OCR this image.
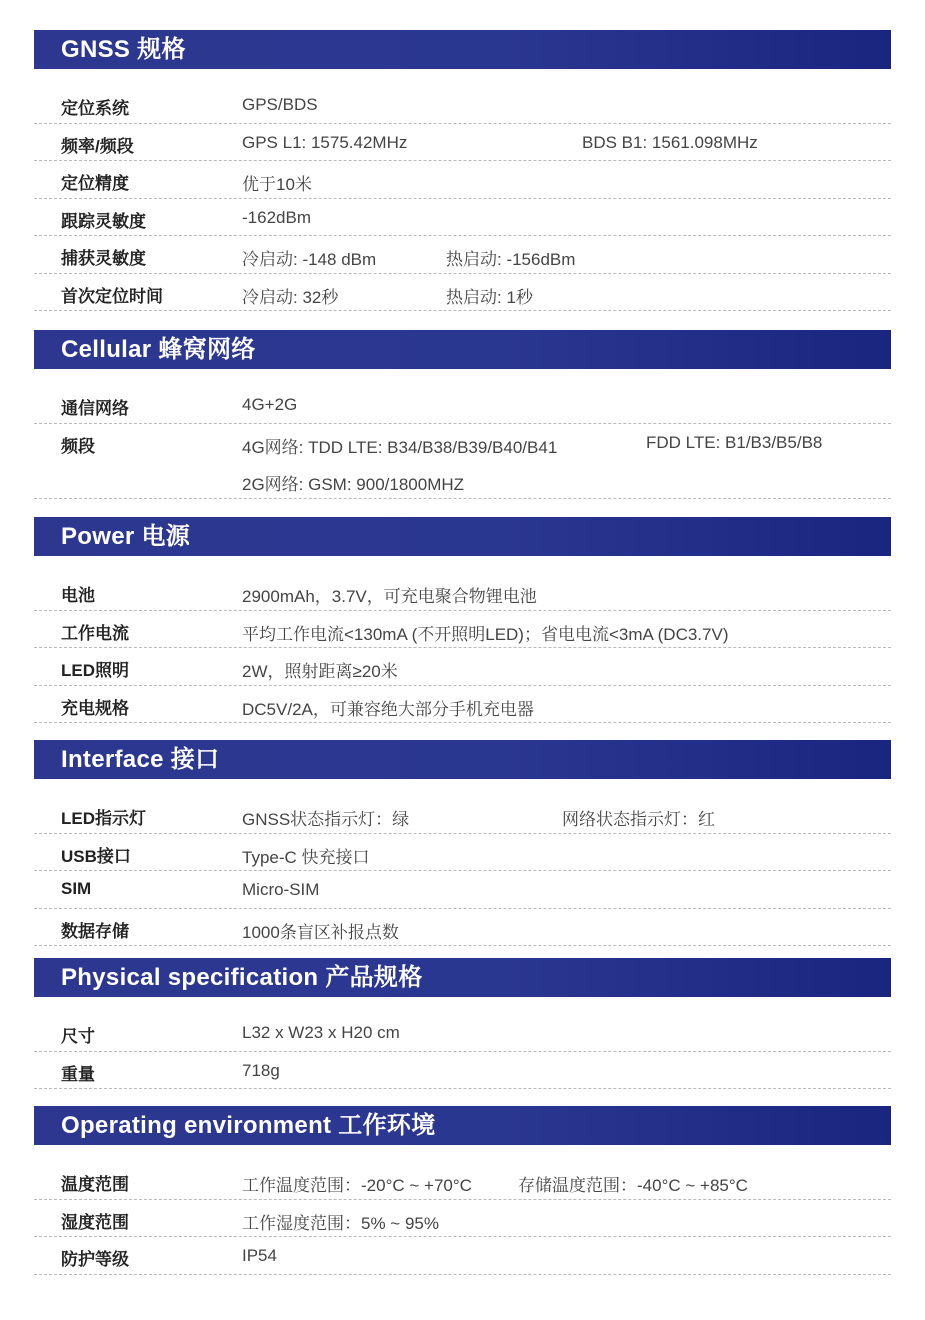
GNSS 规格
定位系统	GPS/BDS
频率/频段	GPS L1: 1575.42MHz	BDS B1: 1561.098MHz
定位精度	优于10米
跟踪灵敏度	-162dBm
捕获灵敏度	冷启动: -148 dBm	热启动: -156dBm
首次定位时间	冷启动: 32秒	热启动: 1秒
Cellular 蜂窝网络
通信网络	4G+2G
频段	4G网络: TDD LTE: B34/B38/B39/B40/B41	FDD LTE: B1/B3/B5/B8
2G网络: GSM: 900/1800MHZ
Power 电源
电池	2900mAh，3.7V，可充电聚合物锂电池
工作电流	平均工作电流<130mA (不开照明LED)；省电电流<3mA (DC3.7V)
LED照明	2W，照射距离≥20米
充电规格	DC5V/2A，可兼容绝大部分手机充电器
Interface 接口
LED指示灯	GNSS状态指示灯：绿	网络状态指示灯：红
USB接口	Type-C 快充接口
SIM	Micro-SIM
数据存储	1000条盲区补报点数
Physical specification 产品规格
尺寸	L32 x W23 x H20 cm
重量	718g
Operating environment 工作环境
温度范围	工作温度范围：-20°C ~ +70°C	存储温度范围：-40°C ~ +85°C
湿度范围	工作湿度范围：5% ~ 95%
防护等级	IP54
